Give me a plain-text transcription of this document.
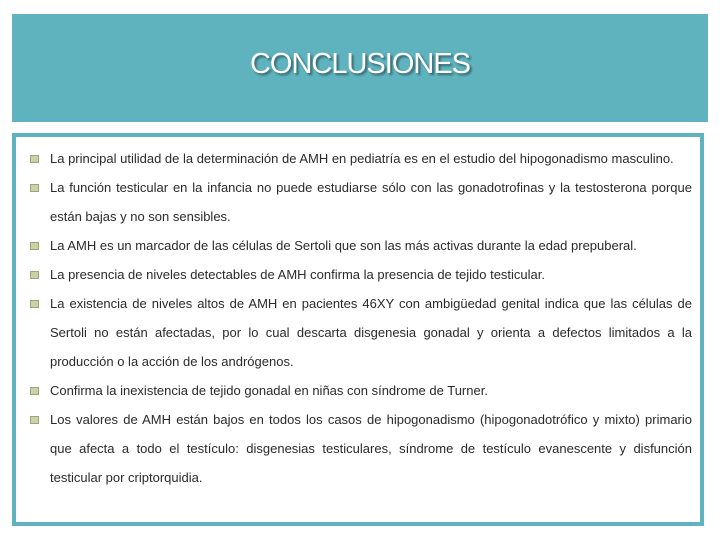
CONCLUSIONES
La principal utilidad de la determinación de AMH en pediatría es en el estudio del hipogonadismo masculino.
La función testicular en la infancia no puede estudiarse sólo con las gonadotrofinas y la testosterona porque están bajas y no son sensibles.
La AMH es un marcador de las células de Sertoli que son las más activas durante la edad prepuberal.
La presencia de niveles detectables de AMH confirma la presencia de tejido testicular.
La existencia de niveles altos de AMH en pacientes 46XY con ambigüedad genital indica que las células de Sertoli no están afectadas, por lo cual descarta disgenesia gonadal y orienta a defectos limitados a la producción o la acción de los andrógenos.
Confirma la inexistencia de tejido gonadal en niñas con síndrome de Turner.
Los valores de AMH están bajos en todos los casos de hipogonadismo (hipogonadotrófico y mixto) primario que afecta a todo el testículo: disgenesias testiculares, síndrome de testículo evanescente y disfunción testicular por criptorquidia.
